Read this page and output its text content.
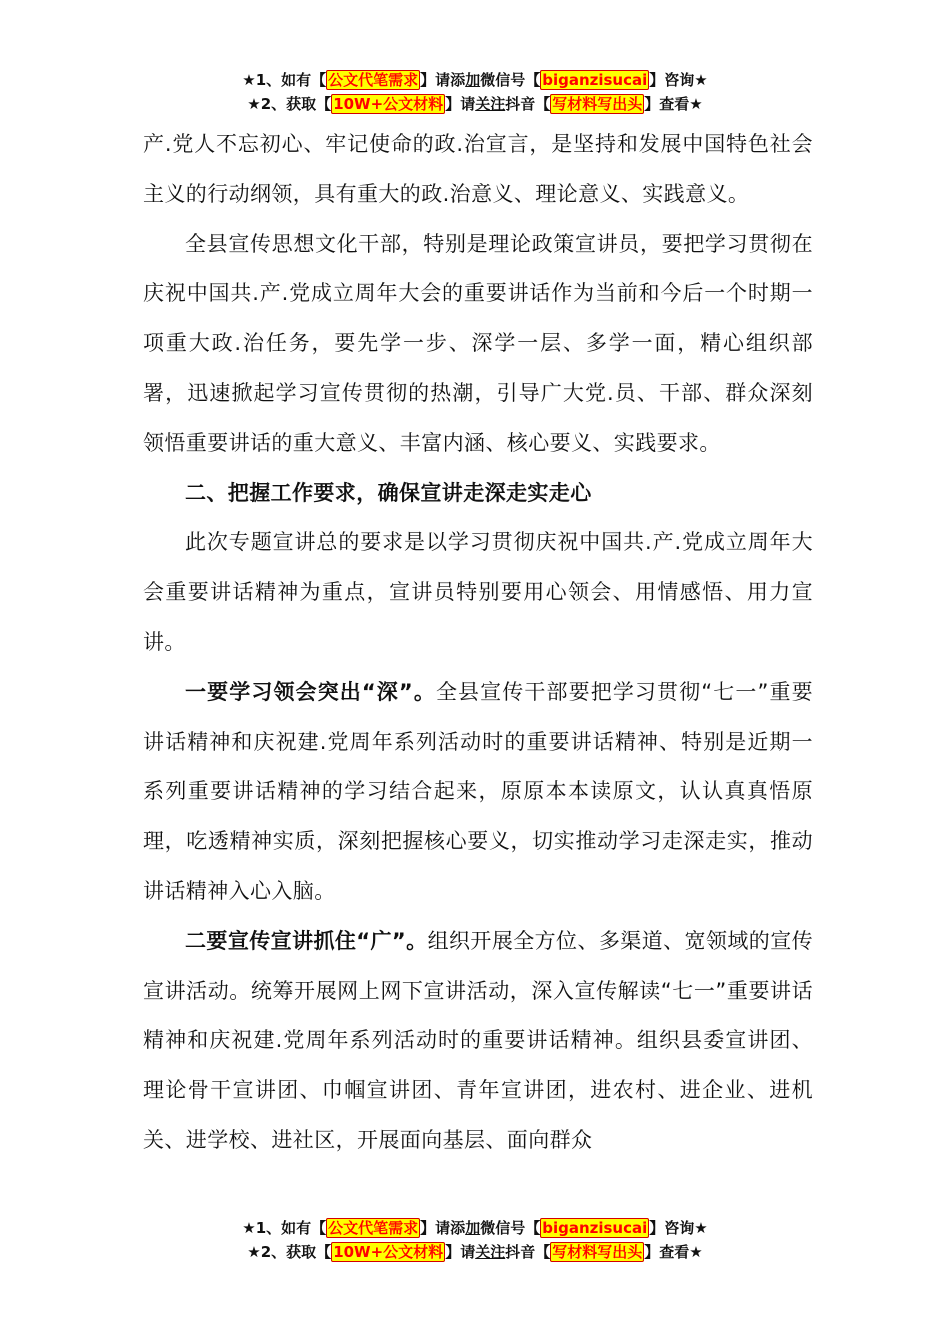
★1、如有【 公文代笔需求 】请添加微信号【 biganzisucai 】咨询★
★2、获取【 10W+公文材料 】请关注抖音【 写材料写出头 】查看★

产.党人不忘初心、牢记使命的政.治宣言，是坚持和发展中国特色社会主义的行动纲领，具有重大的政.治意义、理论意义、实践意义。

全县宣传思想文化干部，特别是理论政策宣讲员，要把学习贯彻在庆祝中国共.产.党成立周年大会的重要讲话作为当前和今后一个时期一项重大政.治任务，要先学一步、深学一层、多学一面，精心组织部署，迅速掀起学习宣传贯彻的热潮，引导广大党.员、干部、群众深刻领悟重要讲话的重大意义、丰富内涵、核心要义、实践要求。

二、把握工作要求，确保宣讲走深走实走心

此次专题宣讲总的要求是以学习贯彻庆祝中国共.产.党成立周年大会重要讲话精神为重点，宣讲员特别要用心领会、用情感悟、用力宣讲。

一要学习领会突出“深”。全县宣传干部要把学习贯彻“七一”重要讲话精神和庆祝建.党周年系列活动时的重要讲话精神、特别是近期一系列重要讲话精神的学习结合起来，原原本本读原文，认认真真悟原理，吃透精神实质，深刻把握核心要义，切实推动学习走深走实，推动讲话精神入心入脑。

二要宣传宣讲抓住“广”。组织开展全方位、多渠道、宽领域的宣传宣讲活动。统筹开展网上网下宣讲活动，深入宣传解读“七一”重要讲话精神和庆祝建.党周年系列活动时的重要讲话精神。组织县委宣讲团、理论骨干宣讲团、巾帼宣讲团、青年宣讲团，进农村、进企业、进机关、进学校、进社区，开展面向基层、面向群众

★1、如有【 公文代笔需求 】请添加微信号【 biganzisucai 】咨询★
★2、获取【 10W+公文材料 】请关注抖音【 写材料写出头 】查看★
